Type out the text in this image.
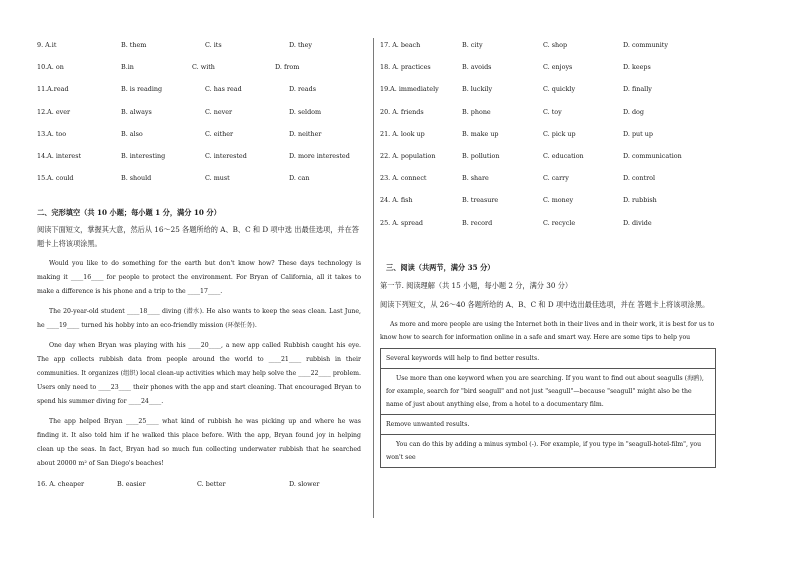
9. A.it	B. them	C. its	D. they
10.A. on	B.in	C. with	D. from
11.A.read	B. is reading	C. has read	D. reads
12.A. ever	B. always	C. never	D. seldom
13.A. too	B. also	C. either	D. neither
14.A. interest	B. interesting	C. interested	D. more interested
15.A. could	B. should	C. must	D. can
二、完形填空（共 10 小题；每小题 1 分，满分 10 分）
阅读下面短文，掌握其大意，然后从 16～25 各题所给的 A、B、C 和 D 项中选 出最佳选项，并在答题卡上将该项涂黑。
Would you like to do something for the earth but don't know how? These days technology is making it ____16____ for people to protect the environment. For Bryan of California, all it takes to make a difference is his phone and a trip to the ____17____.
The 20-year-old student ____18____ diving (潜水). He also wants to keep the seas clean. Last June, he ____19____ turned his hobby into an eco-friendly mission (环保任务).
One day when Bryan was playing with his ____20____, a new app called Rubbish caught his eye. The app collects rubbish data from people around the world to ____21____ rubbish in their communities. It organizes (组织) local clean-up activities which may help solve the ____22____ problem. Users only need to ____23____ their phones with the app and start cleaning. That encouraged Bryan to spend his summer diving for ____24____.
The app helped Bryan ____25____ what kind of rubbish he was picking up and where he was finding it. It also told him if he walked this place before. With the app, Bryan found joy in helping clean up the seas. In fact, Bryan had so much fun collecting underwater rubbish that he searched about 20000 m² of San Diego's beaches!
16. A. cheaper	B. easier	C. better	D. slower
17. A. beach	B. city	C. shop	D. community
18. A. practices	B. avoids	C. enjoys	D. keeps
19.A. immediately	B. luckily	C. quickly	D. finally
20. A. friends	B. phone	C. toy	D. dog
21. A. look up	B. make up	C. pick up	D. put up
22. A. population	B. pollution	C. education	D. communication
23. A. connect	B. share	C. carry	D. control
24. A. fish	B. treasure	C. money	D. rubbish
25. A. spread	B. record	C. recycle	D. divide
三、阅读（共两节，满分 35 分）
第一节. 阅读理解（共 15 小题，每小题 2 分，满分 30 分）
阅读下列短文，从 26～40 各题所给的 A、B、C 和 D 项中选出最佳选项，并在 答题卡上将该项涂黑。
As more and more people are using the Internet both in their lives and in their work, it is best for us to know how to search for information online in a safe and smart way. Here are some tips to help you
Several keywords will help to find better results.
Use more than one keyword when you are searching. If you want to find out about seagulls (海鸥), for example, search for "bird seagull" and not just "seagull"—because "seagull" might also be the name of just about anything else, from a hotel to a documentary film.
Remove unwanted results.
You can do this by adding a minus symbol (-). For example, if you type in "seagull-hotel-film", you won't see
